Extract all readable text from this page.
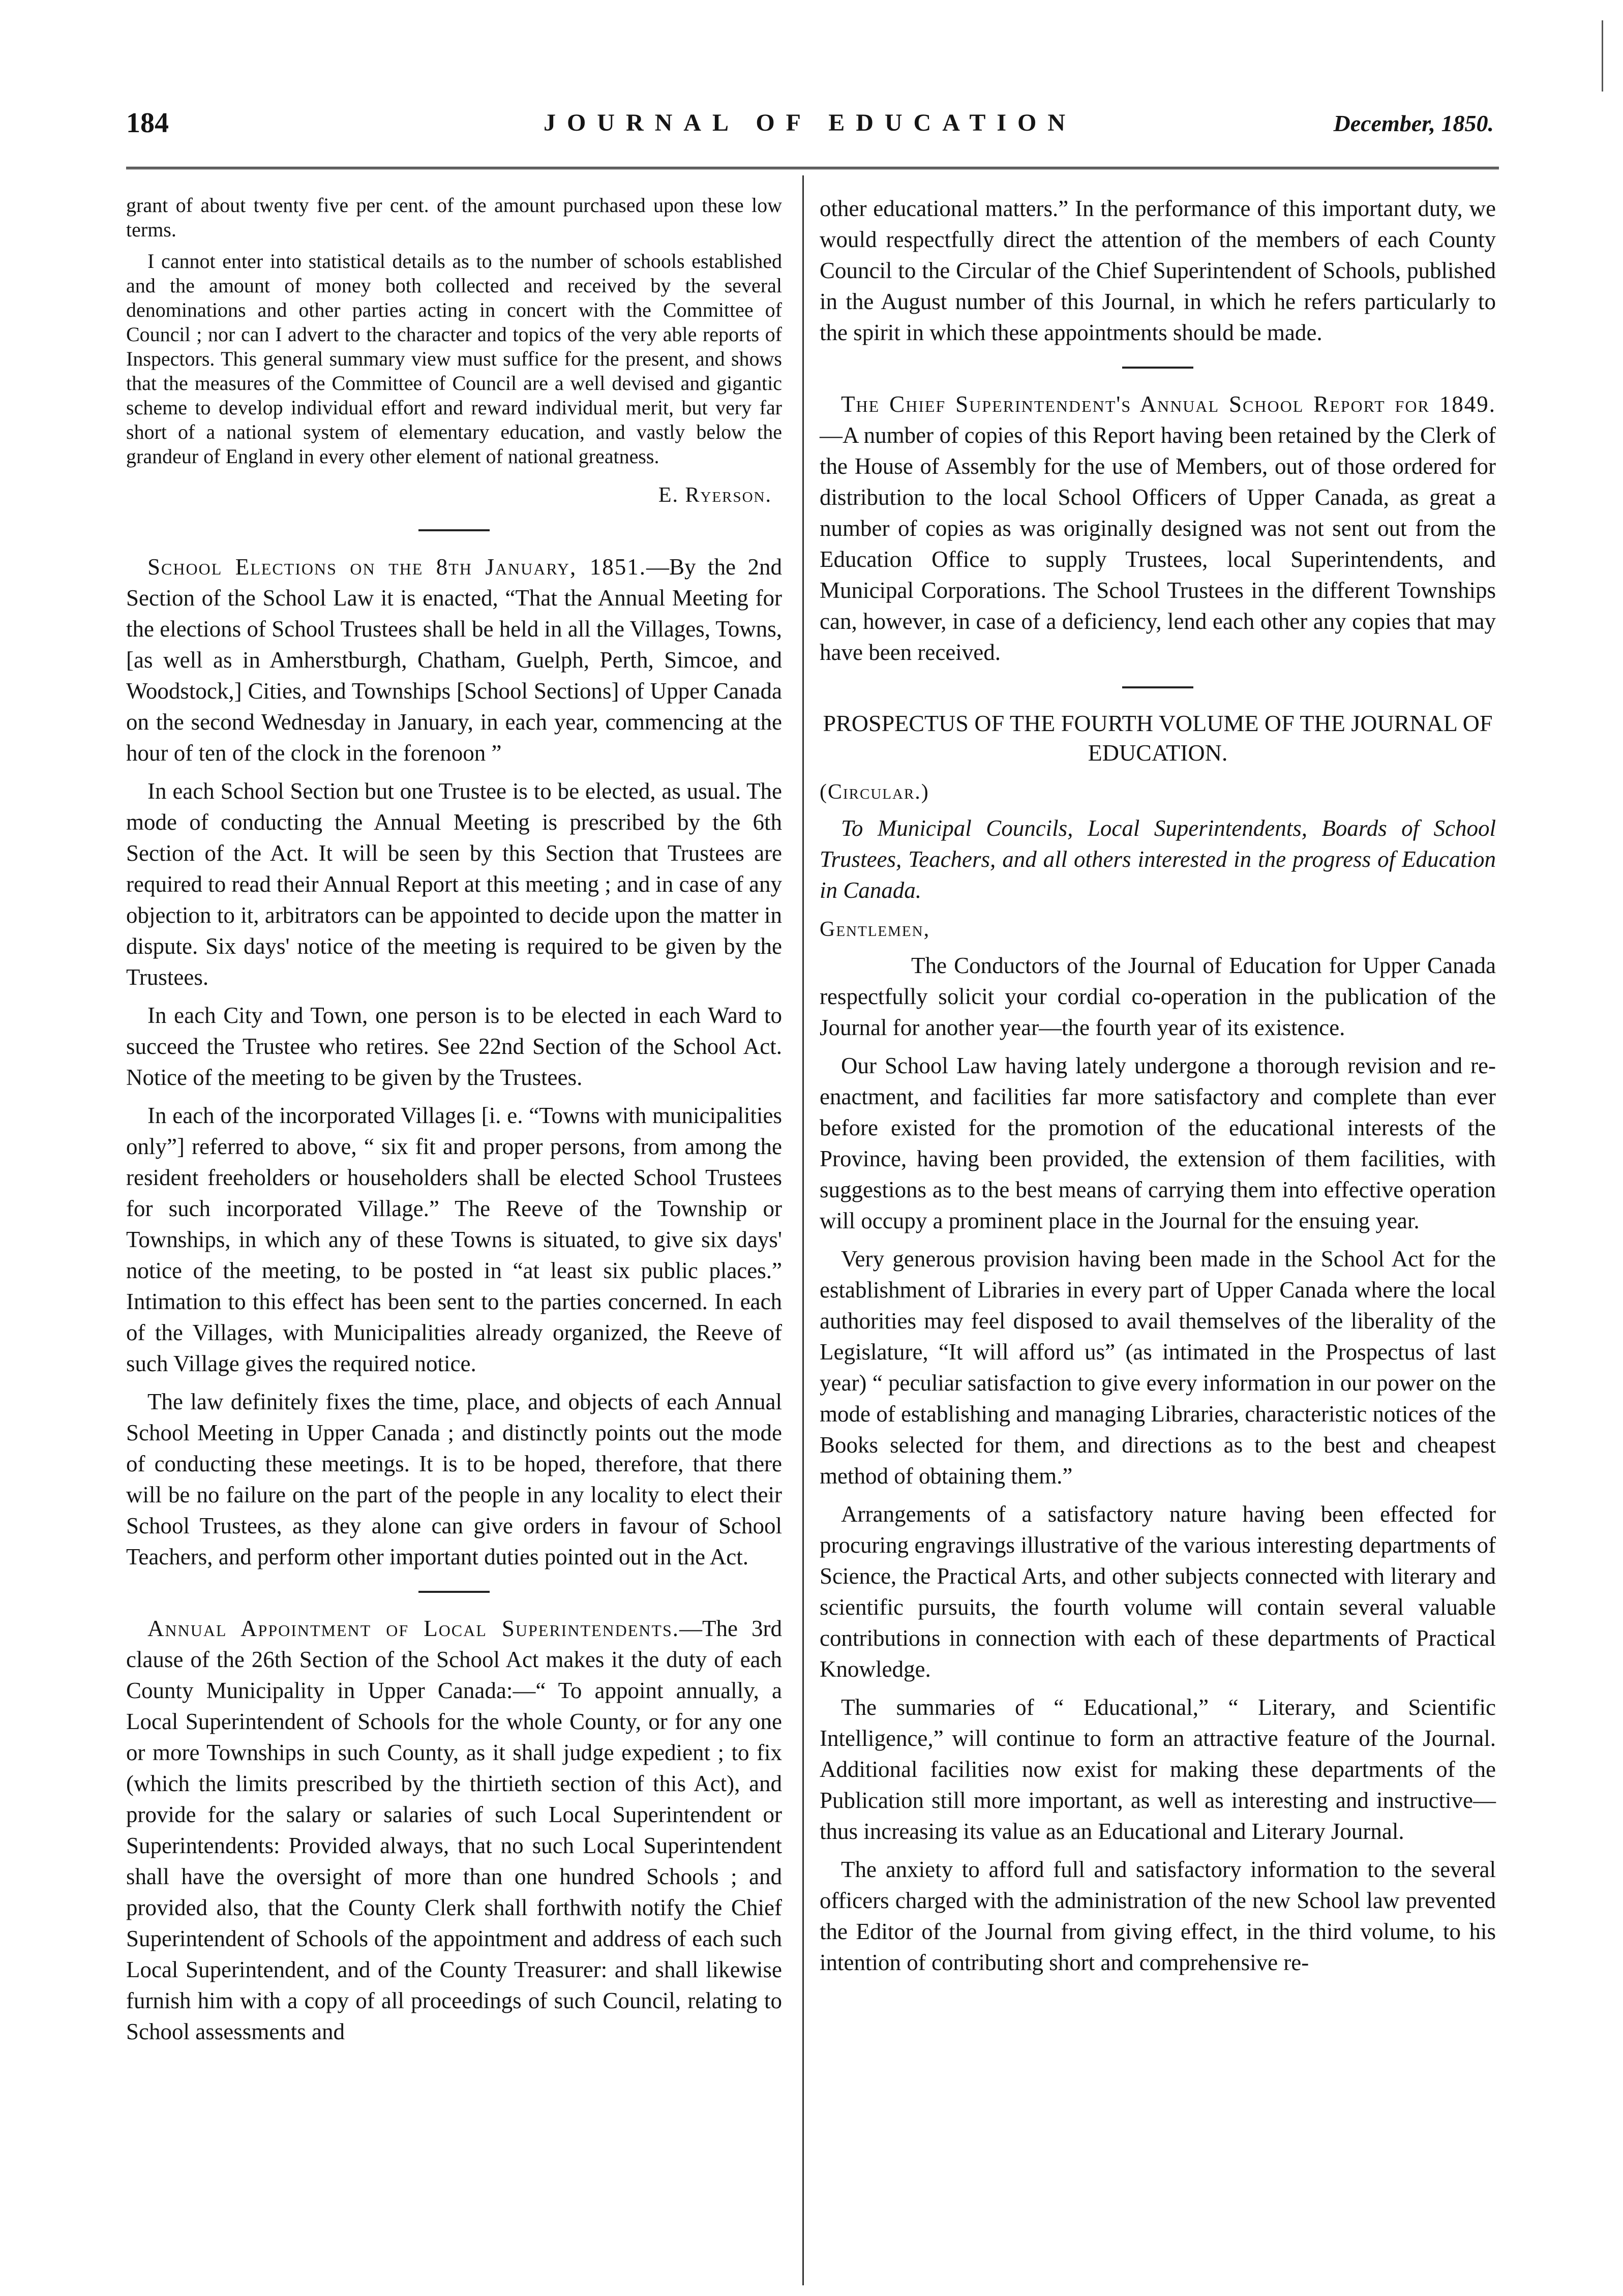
184	JOURNAL OF EDUCATION	December, 1850.

grant of about twenty five per cent. of the amount purchased upon these low terms.

I cannot enter into statistical details as to the number of schools established and the amount of money both collected and received by the several denominations and other parties acting in concert with the Committee of Council ; nor can I advert to the character and topics of the very able reports of Inspectors. This general summary view must suffice for the present, and shows that the measures of the Committee of Council are a well devised and gigantic scheme to develop individual effort and reward individual merit, but very far short of a national system of elementary education, and vastly below the grandeur of England in every other element of national greatness.

E. Ryerson.

School Elections on the 8th January, 1851.—By the 2nd Section of the School Law it is enacted, “That the Annual Meeting for the elections of School Trustees shall be held in all the Villages, Towns, [as well as in Amherstburgh, Chatham, Guelph, Perth, Simcoe, and Woodstock,] Cities, and Townships [School Sections] of Upper Canada on the second Wednesday in January, in each year, commencing at the hour of ten of the clock in the forenoon ”

In each School Section but one Trustee is to be elected, as usual. The mode of conducting the Annual Meeting is prescribed by the 6th Section of the Act. It will be seen by this Section that Trustees are required to read their Annual Report at this meeting ; and in case of any objection to it, arbitrators can be appointed to decide upon the matter in dispute. Six days' notice of the meeting is required to be given by the Trustees.

In each City and Town, one person is to be elected in each Ward to succeed the Trustee who retires. See 22nd Section of the School Act. Notice of the meeting to be given by the Trustees.

In each of the incorporated Villages [i. e. “Towns with municipalities only”] referred to above, “ six fit and proper persons, from among the resident freeholders or householders shall be elected School Trustees for such incorporated Village.” The Reeve of the Township or Townships, in which any of these Towns is situated, to give six days' notice of the meeting, to be posted in “at least six public places.” Intimation to this effect has been sent to the parties concerned. In each of the Villages, with Municipalities already organized, the Reeve of such Village gives the required notice.

The law definitely fixes the time, place, and objects of each Annual School Meeting in Upper Canada ; and distinctly points out the mode of conducting these meetings. It is to be hoped, therefore, that there will be no failure on the part of the people in any locality to elect their School Trustees, as they alone can give orders in favour of School Teachers, and perform other important duties pointed out in the Act.

Annual Appointment of Local Superintendents.—The 3rd clause of the 26th Section of the School Act makes it the duty of each County Municipality in Upper Canada:—“ To appoint annually, a Local Superintendent of Schools for the whole County, or for any one or more Townships in such County, as it shall judge expedient ; to fix (which the limits prescribed by the thirtieth section of this Act), and provide for the salary or salaries of such Local Superintendent or Superintendents: Provided always, that no such Local Superintendent shall have the oversight of more than one hundred Schools ; and provided also, that the County Clerk shall forthwith notify the Chief Superintendent of Schools of the appointment and address of each such Local Superintendent, and of the County Treasurer: and shall likewise furnish him with a copy of all proceedings of such Council, relating to School assessments and

other educational matters.” In the performance of this important duty, we would respectfully direct the attention of the members of each County Council to the Circular of the Chief Superintendent of Schools, published in the August number of this Journal, in which he refers particularly to the spirit in which these appointments should be made.

The Chief Superintendent's Annual School Report for 1849.—A number of copies of this Report having been retained by the Clerk of the House of Assembly for the use of Members, out of those ordered for distribution to the local School Officers of Upper Canada, as great a number of copies as was originally designed was not sent out from the Education Office to supply Trustees, local Superintendents, and Municipal Corporations. The School Trustees in the different Townships can, however, in case of a deficiency, lend each other any copies that may have been received.

PROSPECTUS OF THE FOURTH VOLUME OF THE JOURNAL OF EDUCATION.
(Circular.)
To Municipal Councils, Local Superintendents, Boards of School Trustees, Teachers, and all others interested in the progress of Education in Canada.
Gentlemen,

The Conductors of the Journal of Education for Upper Canada respectfully solicit your cordial co-operation in the publication of the Journal for another year—the fourth year of its existence.

Our School Law having lately undergone a thorough revision and re-enactment, and facilities far more satisfactory and complete than ever before existed for the promotion of the educational interests of the Province, having been provided, the extension of them facilities, with suggestions as to the best means of carrying them into effective operation will occupy a prominent place in the Journal for the ensuing year.

Very generous provision having been made in the School Act for the establishment of Libraries in every part of Upper Canada where the local authorities may feel disposed to avail themselves of the liberality of the Legislature, “It will afford us” (as intimated in the Prospectus of last year) “ peculiar satisfaction to give every information in our power on the mode of establishing and managing Libraries, characteristic notices of the Books selected for them, and directions as to the best and cheapest method of obtaining them.”

Arrangements of a satisfactory nature having been effected for procuring engravings illustrative of the various interesting departments of Science, the Practical Arts, and other subjects connected with literary and scientific pursuits, the fourth volume will contain several valuable contributions in connection with each of these departments of Practical Knowledge.

The summaries of “ Educational,” “ Literary, and Scientific Intelligence,” will continue to form an attractive feature of the Journal. Additional facilities now exist for making these departments of the Publication still more important, as well as interesting and instructive—thus increasing its value as an Educational and Literary Journal.

The anxiety to afford full and satisfactory information to the several officers charged with the administration of the new School law prevented the Editor of the Journal from giving effect, in the third volume, to his intention of contributing short and comprehensive re-
